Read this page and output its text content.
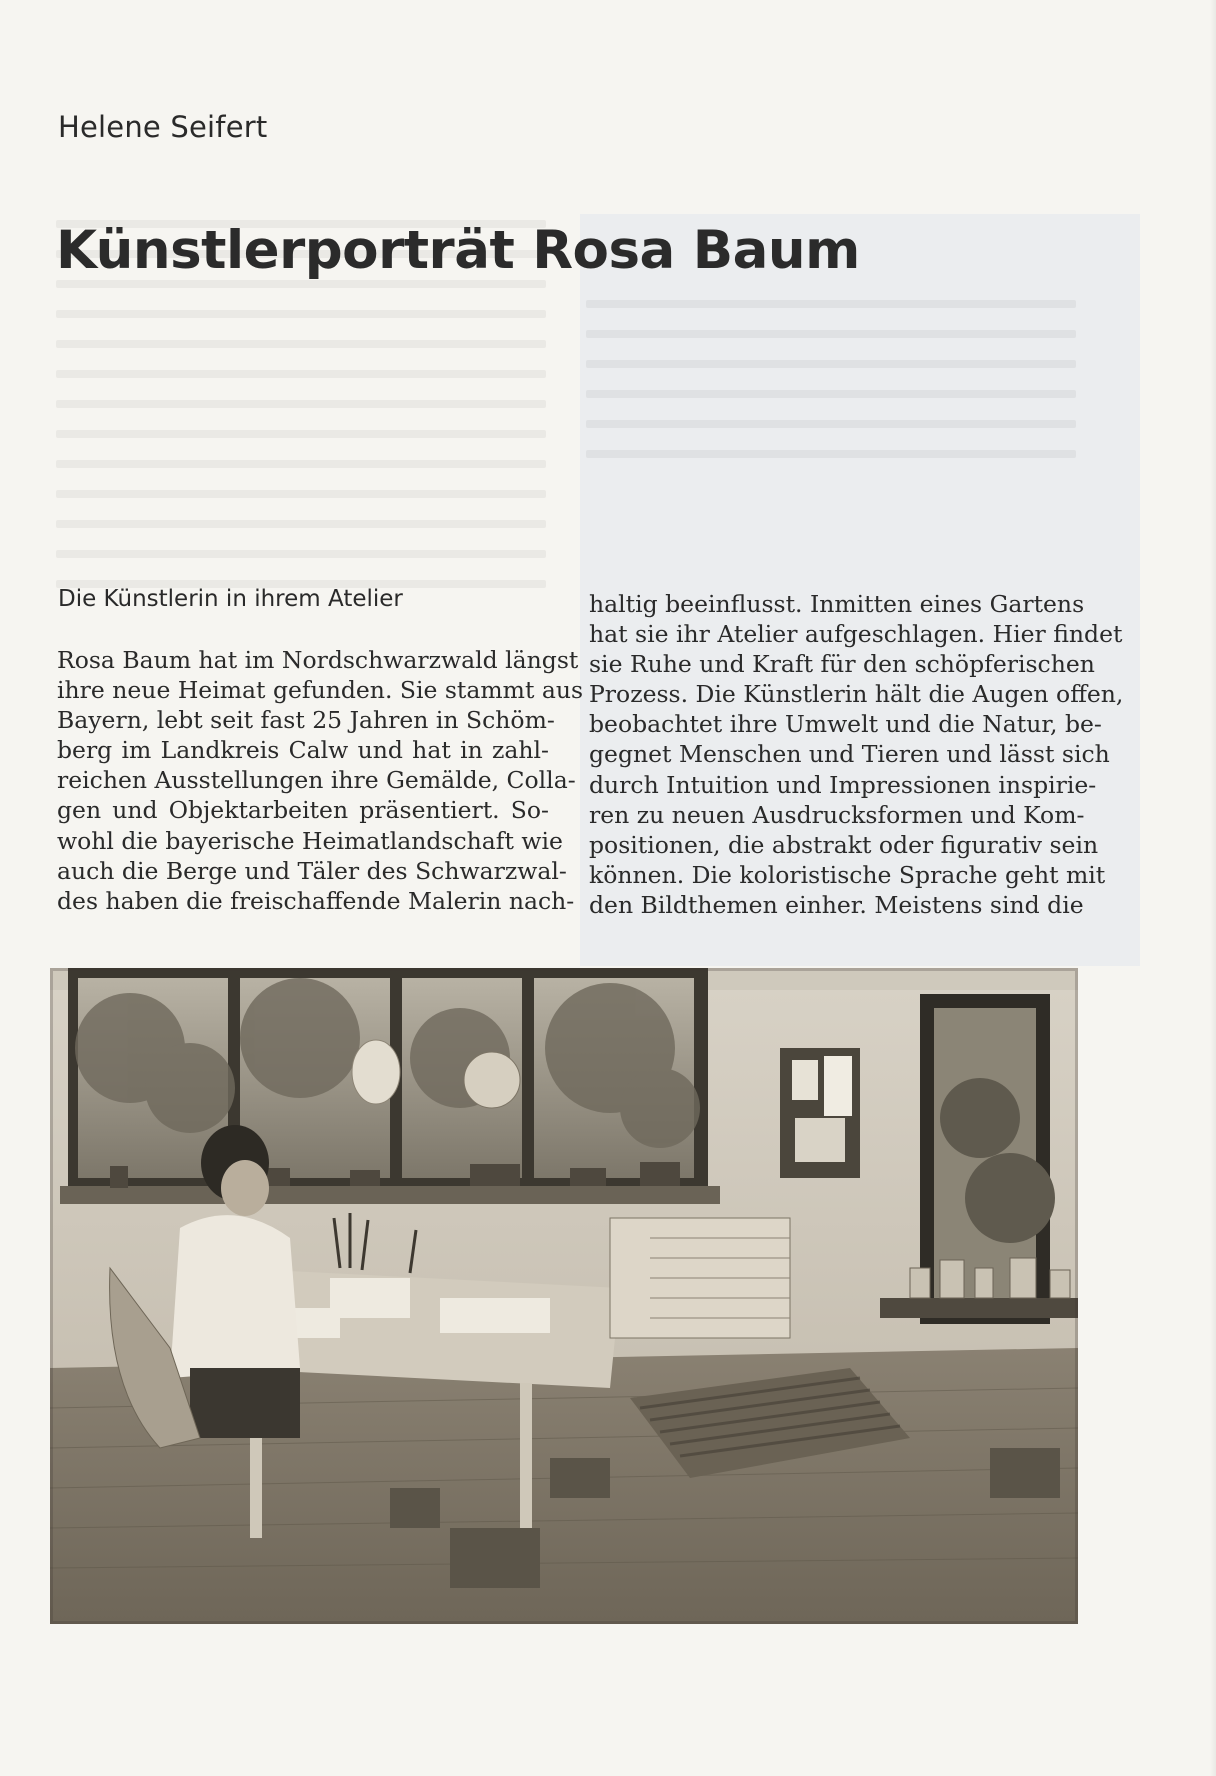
Helene Seifert
Künstlerporträt Rosa Baum
Die Künstlerin in ihrem Atelier
Rosa Baum hat im Nordschwarzwald längst
ihre neue Heimat gefunden. Sie stammt aus
Bayern, lebt seit fast 25 Jahren in Schöm-
berg im Landkreis Calw und hat in zahl-
reichen Ausstellungen ihre Gemälde, Colla-
gen und Objektarbeiten präsentiert. So-
wohl die bayerische Heimatlandschaft wie
auch die Berge und Täler des Schwarzwal-
des haben die freischaffende Malerin nach-
haltig beeinflusst. Inmitten eines Gartens
hat sie ihr Atelier aufgeschlagen. Hier findet
sie Ruhe und Kraft für den schöpferischen
Prozess. Die Künstlerin hält die Augen offen,
beobachtet ihre Umwelt und die Natur, be-
gegnet Menschen und Tieren und lässt sich
durch Intuition und Impressionen inspirie-
ren zu neuen Ausdrucksformen und Kom-
positionen, die abstrakt oder figurativ sein
können. Die koloristische Sprache geht mit
den Bildthemen einher. Meistens sind die
